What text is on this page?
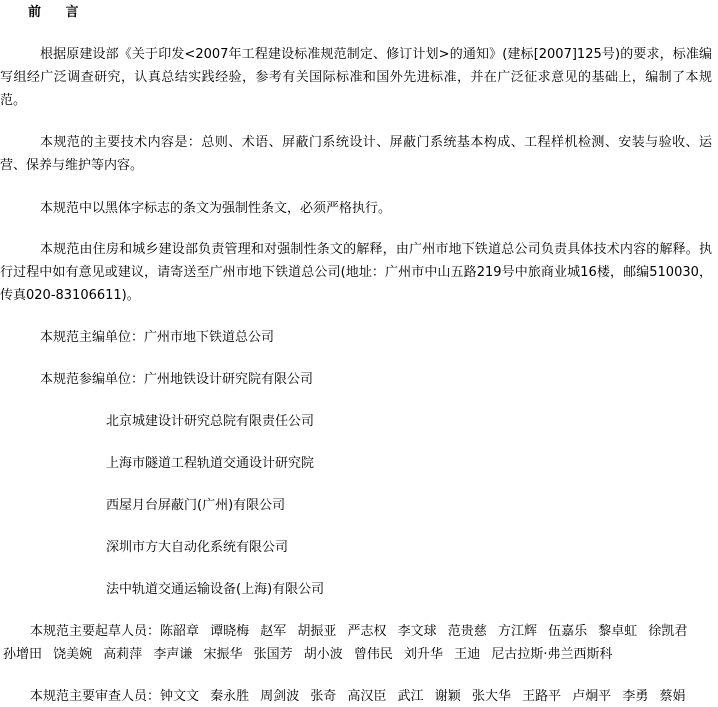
前 言

根据原建设部《关于印发<2007年工程建设标准规范制定、修订计划>的通知》(建标[2007]125号)的要求，标准编写组经广泛调查研究，认真总结实践经验，参考有关国际标准和国外先进标准，并在广泛征求意见的基础上，编制了本规范。

本规范的主要技术内容是：总则、术语、屏蔽门系统设计、屏蔽门系统基本构成、工程样机检测、安装与验收、运营、保养与维护等内容。

本规范中以黑体字标志的条文为强制性条文，必须严格执行。

本规范由住房和城乡建设部负责管理和对强制性条文的解释，由广州市地下铁道总公司负责具体技术内容的解释。执行过程中如有意见或建议，请寄送至广州市地下铁道总公司(地址：广州市中山五路219号中旅商业城16楼，邮编510030，传真020-83106611)。

本规范主编单位：广州市地下铁道总公司

本规范参编单位：广州地铁设计研究院有限公司

北京城建设计研究总院有限责任公司

上海市隧道工程轨道交通设计研究院

西屋月台屏蔽门(广州)有限公司

深圳市方大自动化系统有限公司

法中轨道交通运输设备(上海)有限公司

本规范主要起草人员：陈韶章 谭晓梅 赵军 胡振亚 严志权 李文球 范贵慈 方江辉 伍嘉乐 黎卓虹 徐凯君

孙增田 饶美婉 高莉萍 李声谦 宋振华 张国芳 胡小波 曾伟民 刘升华 王迪 尼古拉斯·弗兰西斯科

本规范主要审查人员：钟文文 秦永胜 周剑波 张奇 高汉臣 武江 谢颖 张大华 王路平 卢炯平 李勇 蔡娟
